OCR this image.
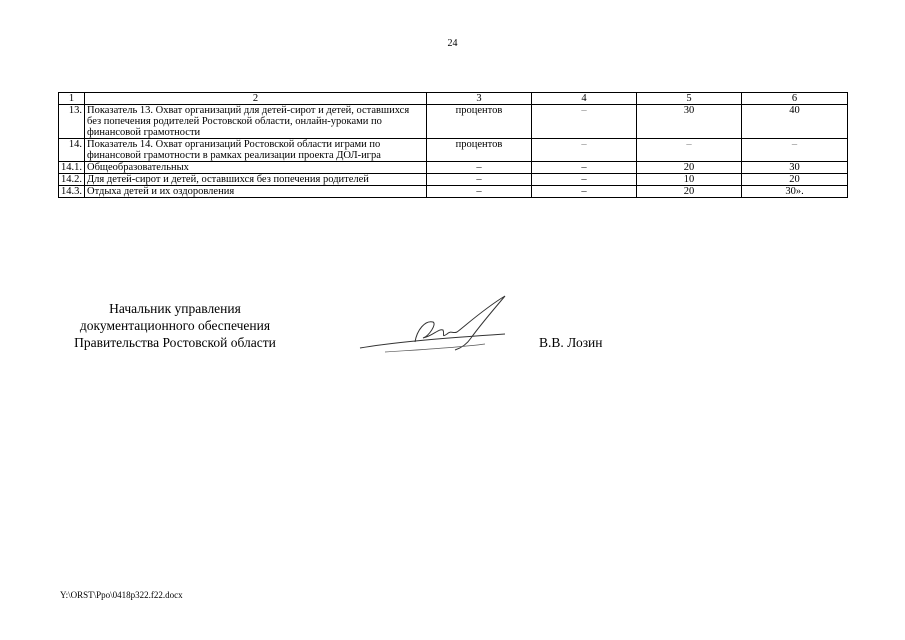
24
1	2	3	4	5	6
13.	Показатель 13. Охват организаций для детей-сирот и детей, оставшихся без попечения родителей Ростовской области, онлайн-уроками по финансовой грамотности	процентов	–	30	40
14.	Показатель 14. Охват организаций Ростовской области играми по финансовой грамотности в рамках реализации проекта ДОЛ-игра	процентов	–	–	–
14.1.	Общеобразовательных	–	–	20	30
14.2.	Для детей-сирот и детей, оставшихся без попечения родителей	–	–	10	20
14.3.	Отдыха детей и их оздоровления	–	–	20	30».
Начальник управления
документационного обеспечения
Правительства Ростовской области	В.В. Лозин
Y:\ORST\Ppo\0418p322.f22.docx
